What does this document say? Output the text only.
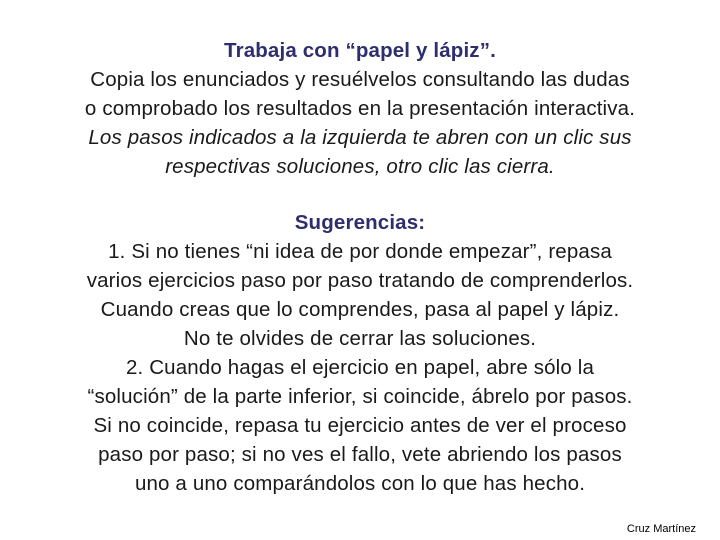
Trabaja con “papel y lápiz”.
Copia los enunciados y resuélvelos consultando las dudas
o comprobado los resultados en la presentación interactiva.
Los pasos indicados a la izquierda te abren con un clic sus
respectivas soluciones, otro clic las cierra.
Sugerencias:
1. Si no tienes “ni idea de por donde empezar”, repasa
varios ejercicios paso por paso tratando de comprenderlos.
Cuando creas que lo comprendes, pasa al papel y lápiz.
No te olvides de cerrar las soluciones.
2. Cuando hagas el ejercicio en papel, abre sólo la
“solución” de la parte inferior, si coincide, ábrelo por pasos.
Si no coincide, repasa tu ejercicio antes de ver el proceso
paso por paso; si no ves el fallo, vete abriendo los pasos
uno a uno comparándolos con lo que has hecho.
Cruz Martínez
